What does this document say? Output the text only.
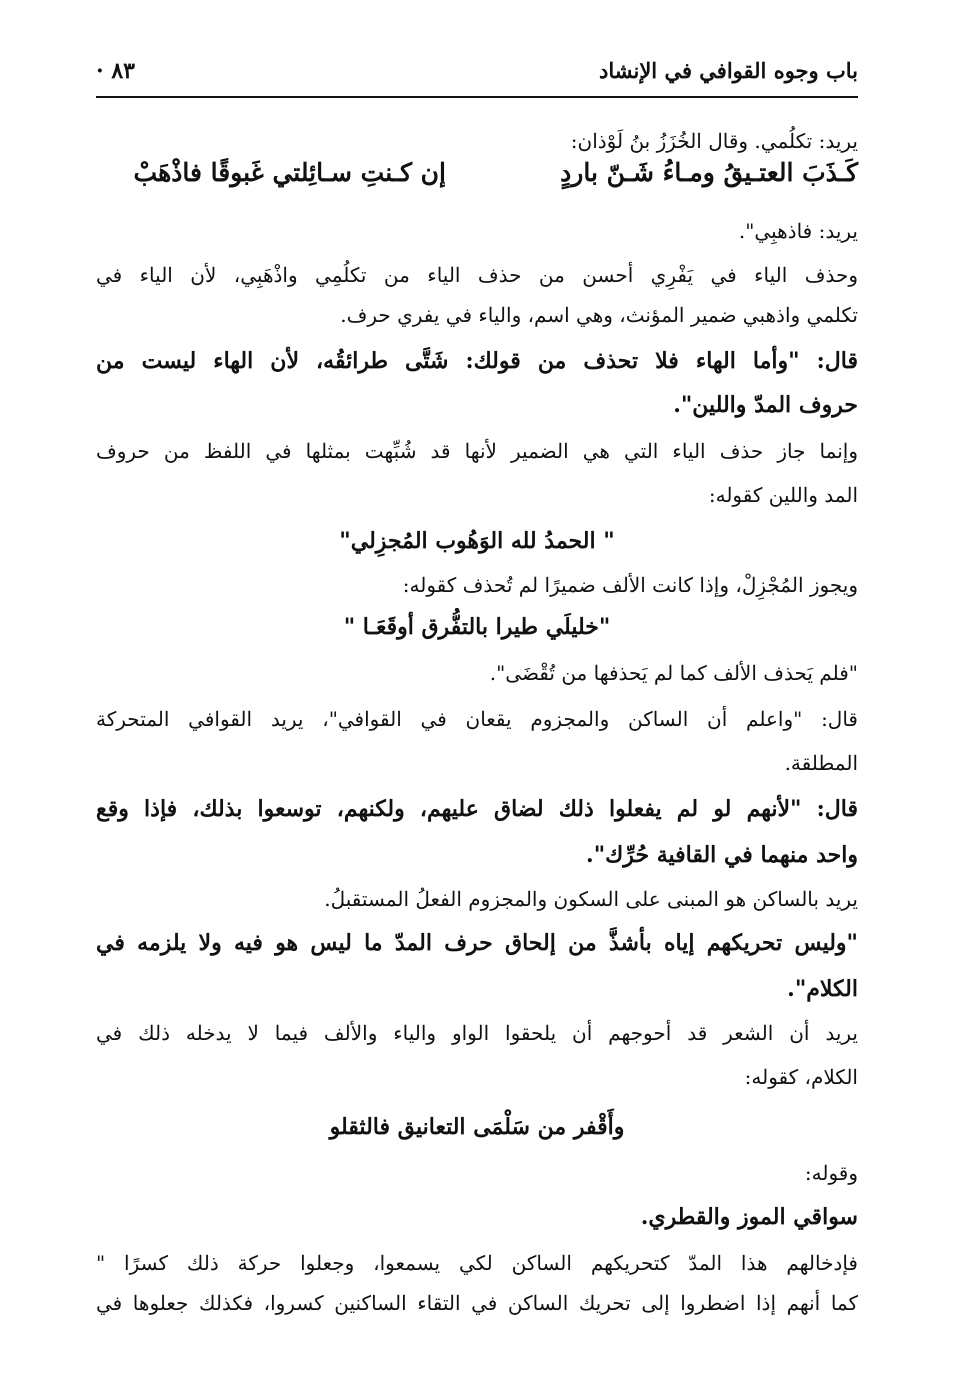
باب وجوه القوافي في الإنشاد
٨٣ ·
يريد: تكلُمي. وقال الخُزَزُ بنُ لَوْذان:
كَـذَبَ العتـيقُ ومـاءُ شَـنّ باردٍ
إن كـنتِ سـائِلتي غَبوقًا فاذْهَبْ
يريد: فاذهبِي".
وحذف الياء في يَفْرِي أحسن من حذف الياء من تكلُمِي واذْهَبِي، لأن الياء في
تكلمي واذهبي ضمير المؤنث، وهي اسم، والياء في يفري حرف.
قال: "وأما الهاء فلا تحذف من قولك: شَتَّى طرائقُه، لأن الهاء ليست من
حروف المدّ واللين".
وإنما جاز حذف الياء التي هي الضمير لأنها قد شُبِّهت بمثلها في اللفظ من حروف
المد واللين كقوله:
" الحمدُ لله الوَهُوب المُجزِلي"
ويجوز المُجْزِلْ، وإذا كانت الألف ضميرًا لم تُحذف كقوله:
"خليلَي طيرا بالتفُّرق أوقَعَـا "
"فلم يَحذف الألف كما لم يَحذفها من تُقْضَى".
قال: "واعلم أن الساكن والمجزوم يقعان في القوافي"، يريد القوافي المتحركة
المطلقة.
قال: "لأنهم لو لم يفعلوا ذلك لضاق عليهم، ولكنهم، توسعوا بذلك، فإذا وقع
واحد منهما في القافية حُرِّك".
يريد بالساكن هو المبنى على السكون والمجزوم الفعلُ المستقبلُ.
"وليس تحريكهم إياه بأشذَّ من إلحاق حرف المدّ ما ليس هو فيه ولا يلزمه في
الكلام".
يريد أن الشعر قد أحوجهم أن يلحقوا الواو والياء والألف فيما لا يدخله ذلك في
الكلام، كقوله:
وأَقْفر من سَلْمَى التعانيق فالثقلو
وقوله:
سواقي الموز والقطري.
فإدخالهم هذا المدّ كتحريكهم الساكن لكي يسمعوا، وجعلوا حركة ذلك كسرًا "
كما أنهم إذا اضطروا إلى تحريك الساكن في التقاء الساكنين كسروا، فكذلك جعلوها في
